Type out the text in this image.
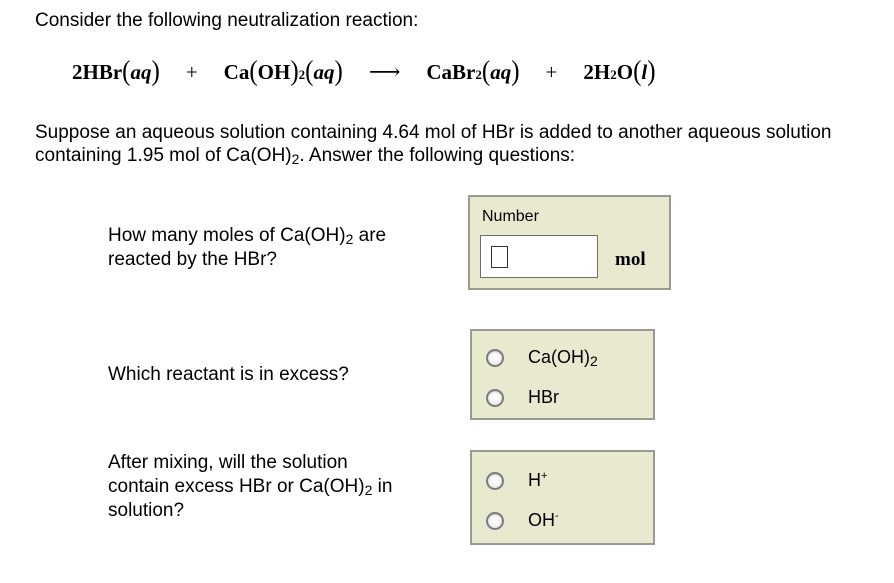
Consider the following neutralization reaction:
2 HBr ( aq ) + Ca ( OH ) 2 ( aq ) ⟶ CaBr 2 ( aq ) + 2H 2 O ( l )
Suppose an aqueous solution containing 4.64 mol of HBr is added to another aqueous solution
containing 1.95 mol of $Ca(OH)_2$. Answer the following questions:
How many moles of $Ca(OH)_2$ are
reacted by the HBr?
Number
mol
Which reactant is in excess?
$Ca(OH)_2$
HBr
After mixing, will the solution
contain excess HBr or $Ca(OH)_2$ in
solution?
H+
OH-
